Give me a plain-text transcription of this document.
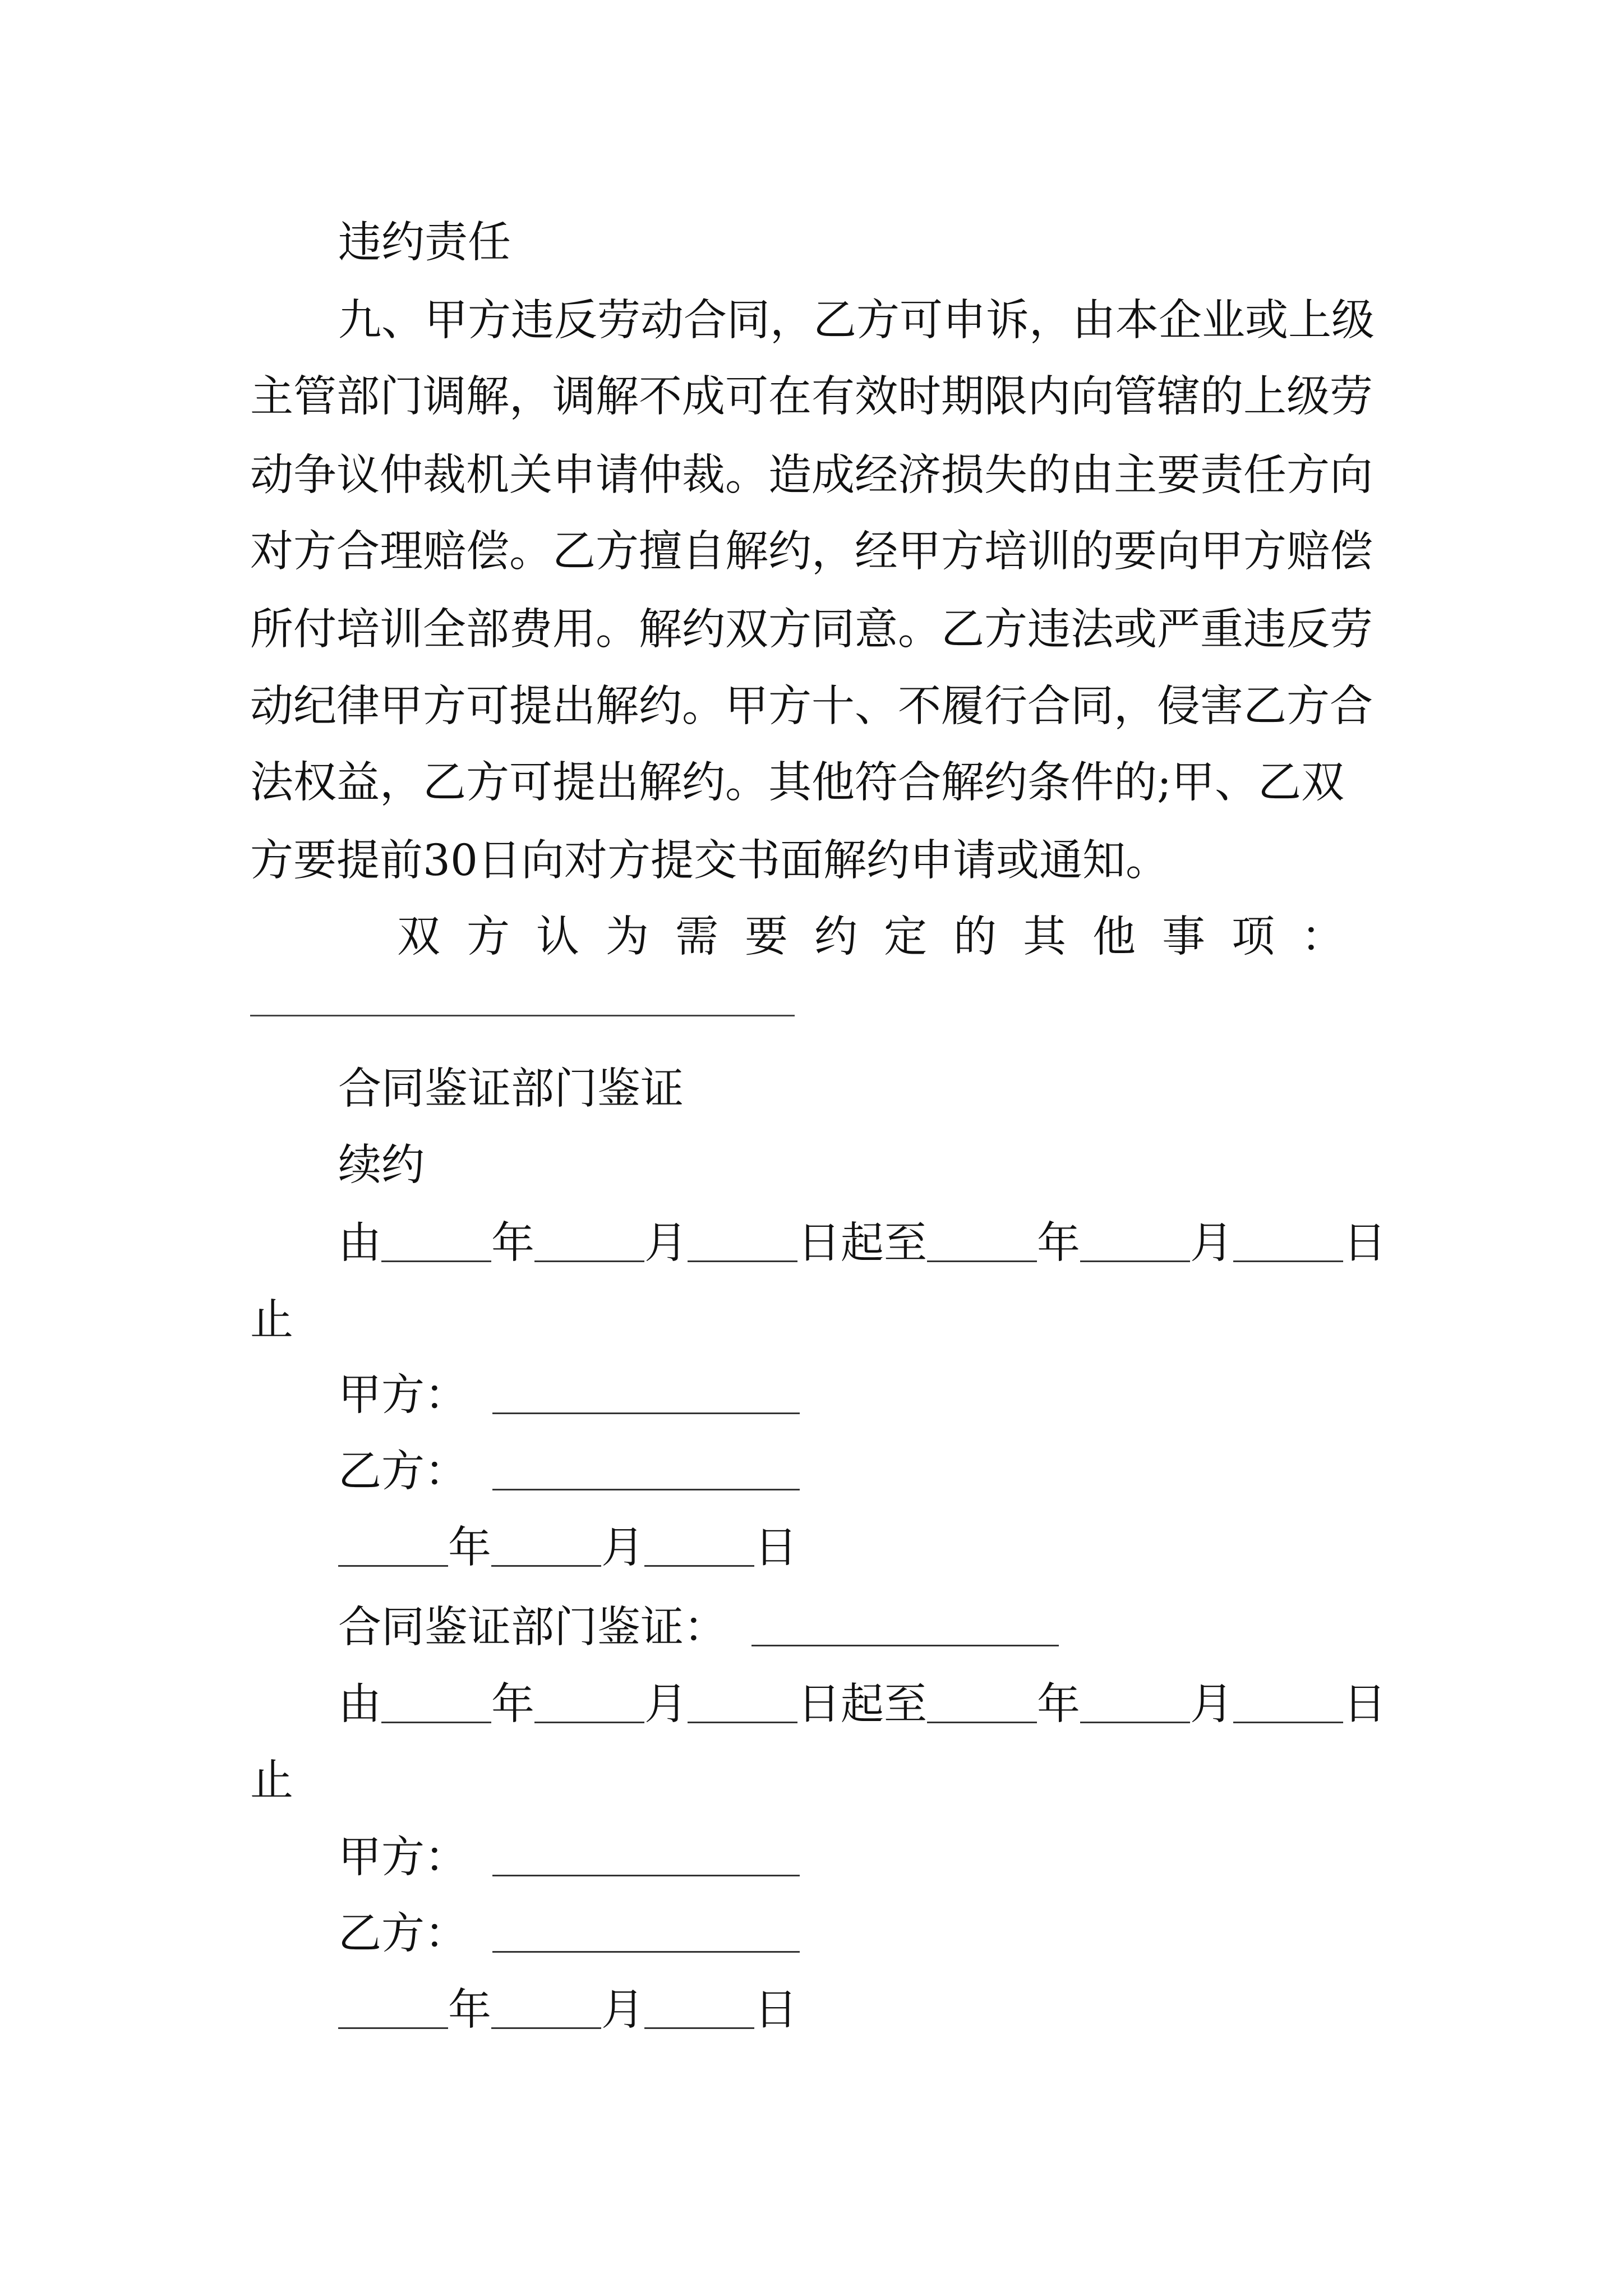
违约责任
九、甲方违反劳动合同，乙方可申诉，由本企业或上级
主管部门调解，调解不成可在有效时期限内向管辖的上级劳
动争议仲裁机关申请仲裁。造成经济损失的由主要责任方向
对方合理赔偿。乙方擅自解约，经甲方培训的要向甲方赔偿
所付培训全部费用。解约双方同意。乙方违法或严重违反劳
动纪律甲方可提出解约。甲方十、不履行合同，侵害乙方合
法权益，乙方可提出解约。其他符合解约条件的;甲、乙双
方要提前30日向对方提交书面解约申请或通知。
双方认为需要约定的其他事项：
合同鉴证部门鉴证
续约
由	年	月	日起至	年	月	日
止
甲方：
乙方：
年	月	日
合同鉴证部门鉴证：
由	年	月	日起至	年	月	日
止
甲方：
乙方：
年	月	日
